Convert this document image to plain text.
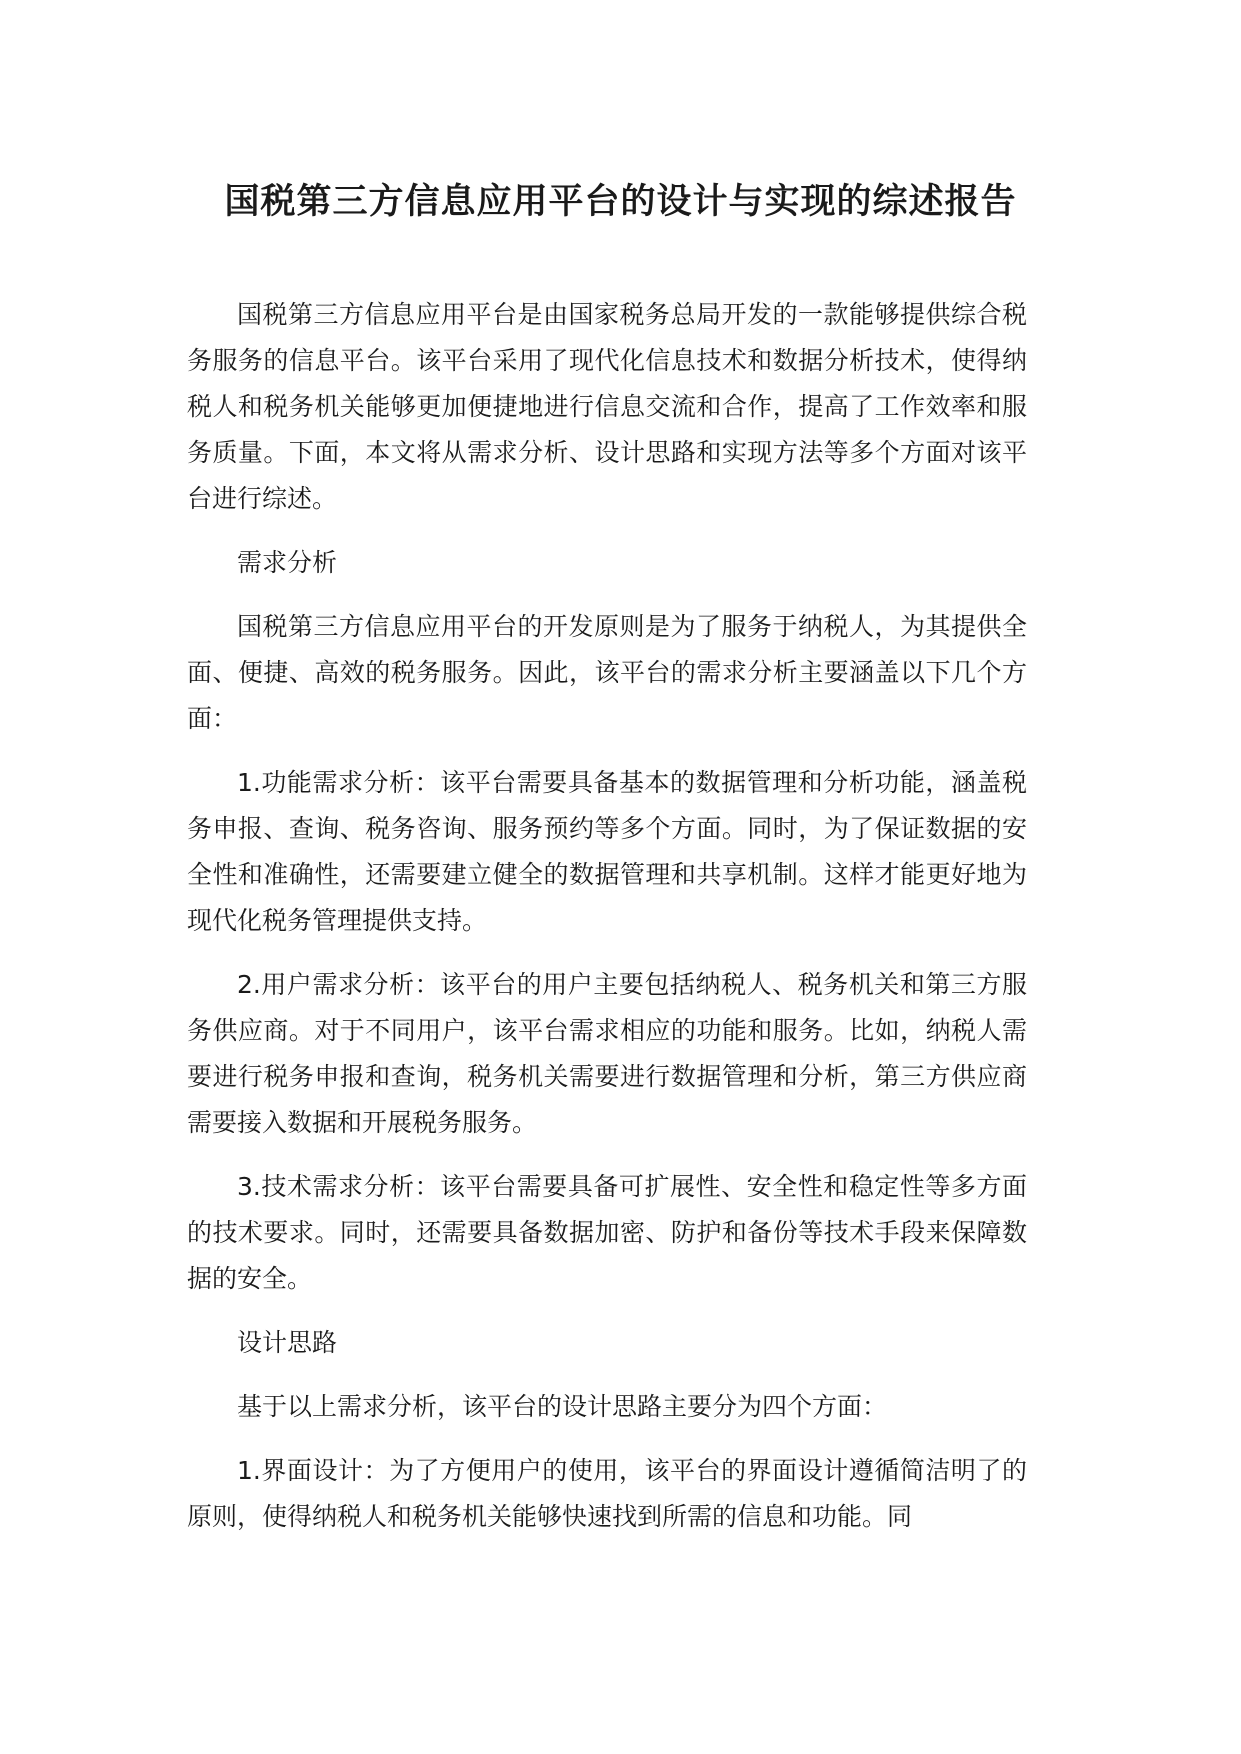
国税第三方信息应用平台的设计与实现的综述报告

国税第三方信息应用平台是由国家税务总局开发的一款能够提供综合税务服务的信息平台。该平台采用了现代化信息技术和数据分析技术，使得纳税人和税务机关能够更加便捷地进行信息交流和合作，提高了工作效率和服务质量。下面，本文将从需求分析、设计思路和实现方法等多个方面对该平台进行综述。

需求分析

国税第三方信息应用平台的开发原则是为了服务于纳税人，为其提供全面、便捷、高效的税务服务。因此，该平台的需求分析主要涵盖以下几个方面：

1.功能需求分析：该平台需要具备基本的数据管理和分析功能，涵盖税务申报、查询、税务咨询、服务预约等多个方面。同时，为了保证数据的安全性和准确性，还需要建立健全的数据管理和共享机制。这样才能更好地为现代化税务管理提供支持。

2.用户需求分析：该平台的用户主要包括纳税人、税务机关和第三方服务供应商。对于不同用户，该平台需求相应的功能和服务。比如，纳税人需要进行税务申报和查询，税务机关需要进行数据管理和分析，第三方供应商需要接入数据和开展税务服务。

3.技术需求分析：该平台需要具备可扩展性、安全性和稳定性等多方面的技术要求。同时，还需要具备数据加密、防护和备份等技术手段来保障数据的安全。

设计思路

基于以上需求分析，该平台的设计思路主要分为四个方面：

1.界面设计：为了方便用户的使用，该平台的界面设计遵循简洁明了的原则，使得纳税人和税务机关能够快速找到所需的信息和功能。同
